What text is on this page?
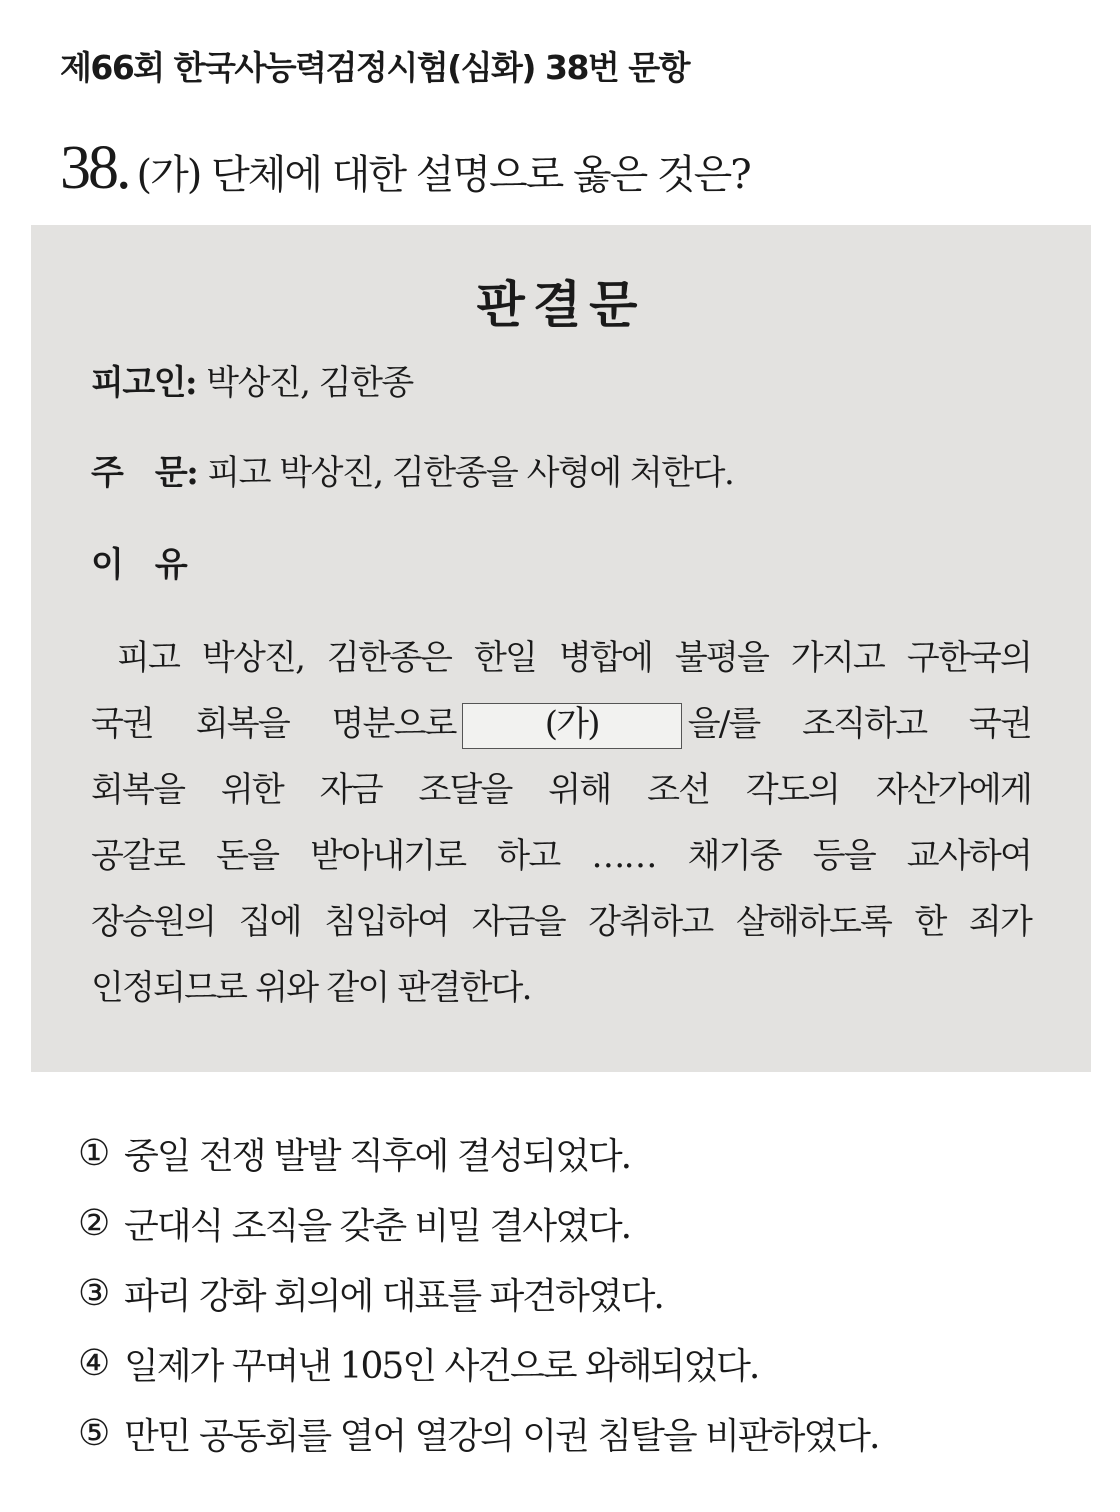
제66회 한국사능력검정시험(심화) 38번 문항
38. (가) 단체에 대한 설명으로 옳은 것은?
판결문
피고인: 박상진, 김한종
주　문: 피고 박상진, 김한종을 사형에 처한다.
이　유
피고 박상진, 김한종은 한일 병합에 불평을 가지고 구한국의
국권 회복을 명분으로	(가)	을/를 조직하고 국권
회복을 위한 자금 조달을 위해 조선 각도의 자산가에게
공갈로 돈을 받아내기로 하고 …… 채기중 등을 교사하여
장승원의 집에 침입하여 자금을 강취하고 살해하도록 한 죄가
인정되므로 위와 같이 판결한다.
① 중일 전쟁 발발 직후에 결성되었다.
② 군대식 조직을 갖춘 비밀 결사였다.
③ 파리 강화 회의에 대표를 파견하였다.
④ 일제가 꾸며낸 105인 사건으로 와해되었다.
⑤ 만민 공동회를 열어 열강의 이권 침탈을 비판하였다.
